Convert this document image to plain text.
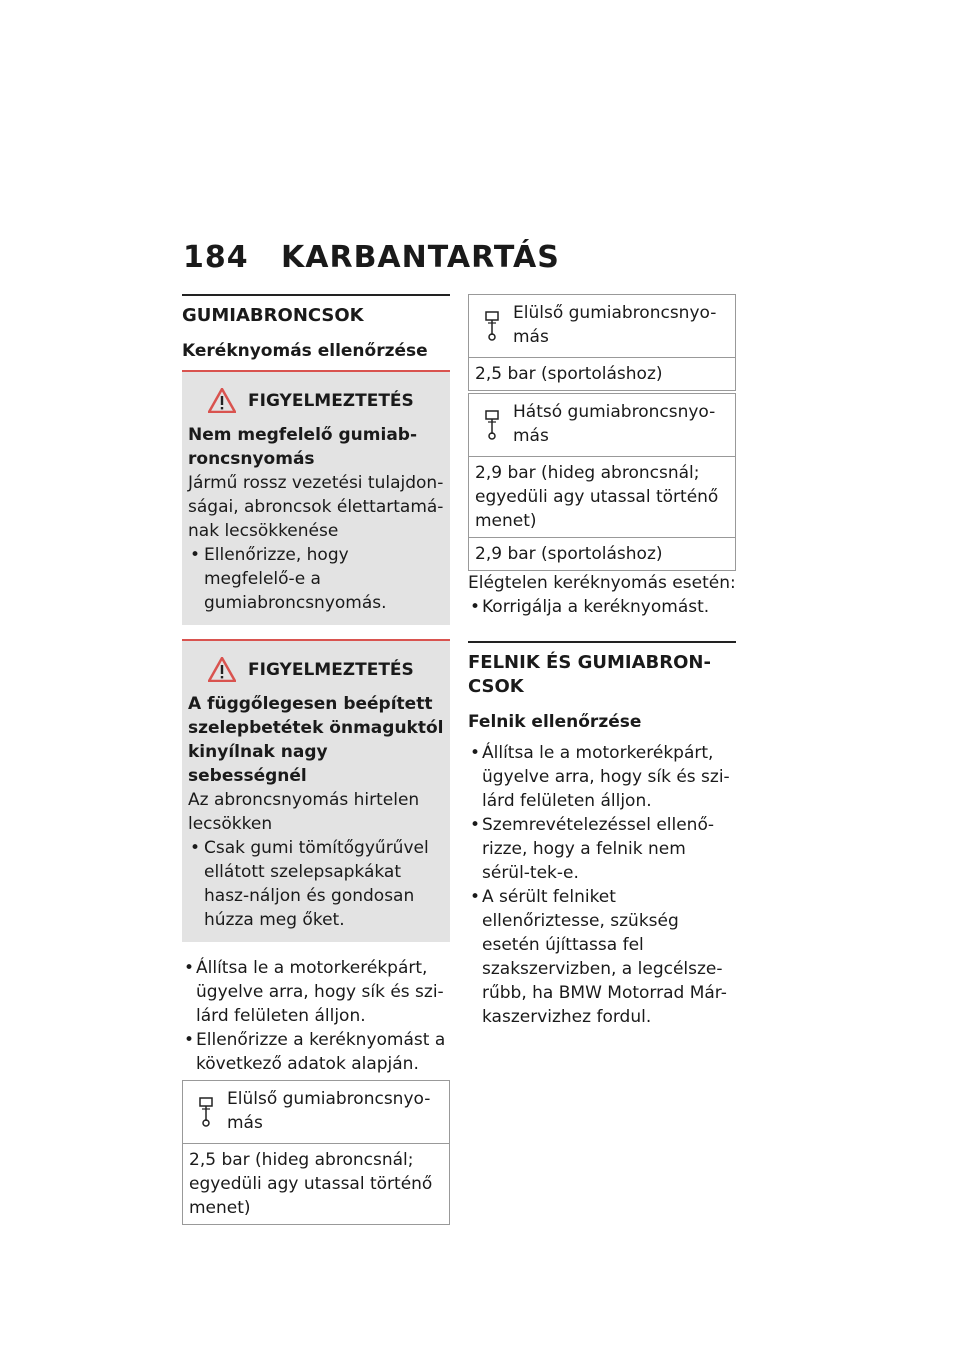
184 KARBANTARTÁS
GUMIABRONCSOK
Keréknyomás ellenőrzése
FIGYELMEZTETÉS
Nem megfelelő gumiab-roncsnyomás
Jármű rossz vezetési tulajdon-ságai, abroncsok élettartamá-nak lecsökkenése
• Ellenőrizze, hogy megfelelő-e a gumiabroncsnyomás.
FIGYELMEZTETÉS
A függőlegesen beépített szelepbetétek önmaguktól kinyílnak nagy sebességnél
Az abroncsnyomás hirtelen lecsökken
• Csak gumi tömítőgyűrűvel ellátott szelepsapkákat hasz-náljon és gondosan húzza meg őket.
• Állítsa le a motorkerékpárt, ügyelve arra, hogy sík és szi-lárd felületen álljon.
• Ellenőrizze a keréknyomást a következő adatok alapján.
Elülső gumiabroncsnyo-más
2,5 bar (hideg abroncsnál; egyedüli agy utassal történő menet)
Elülső gumiabroncsnyo-más
2,5 bar (sportoláshoz)
Hátsó gumiabroncsnyo-más
2,9 bar (hideg abroncsnál; egyedüli agy utassal történő menet)
2,9 bar (sportoláshoz)
Elégtelen keréknyomás esetén:
• Korrigálja a keréknyomást.
FELNIK ÉS GUMIABRON-CSOK
Felnik ellenőrzése
• Állítsa le a motorkerékpárt, ügyelve arra, hogy sík és szi-lárd felületen álljon.
• Szemrevételezéssel ellenő-rizze, hogy a felnik nem sérül-tek-e.
• A sérült felniket ellenőriztesse, szükség esetén újíttassa fel szakszervizben, a legcélsze-rűbb, ha BMW Motorrad Már-kaszervizhez fordul.
